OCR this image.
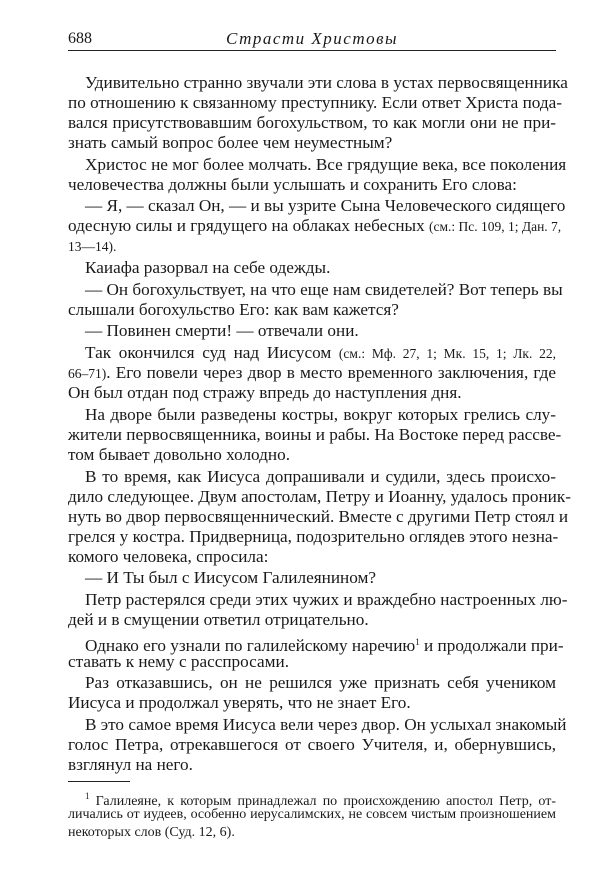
688	Страсти Христовы
Удивительно странно звучали эти слова в устах первосвященника
по отношению к связанному преступнику. Если ответ Христа пода-
вался присутствовавшим богохульством, то как могли они не при-
знать самый вопрос более чем неуместным?
Христос не мог более молчать. Все грядущие века, все поколения
человечества должны были услышать и сохранить Его слова:
— Я, — сказал Он, — и вы узрите Сына Человеческого сидящего
одесную силы и грядущего на облаках небесных (см.: Пс. 109, 1; Дан. 7,
13—14).
Каиафа разорвал на себе одежды.
— Он богохульствует, на что еще нам свидетелей? Вот теперь вы
слышали богохульство Его: как вам кажется?
— Повинен смерти! — отвечали они.
Так окончился суд над Иисусом (см.: Мф. 27, 1; Мк. 15, 1; Лк. 22,
66–71). Его повели через двор в место временного заключения, где
Он был отдан под стражу впредь до наступления дня.
На дворе были разведены костры, вокруг которых грелись слу-
жители первосвященника, воины и рабы. На Востоке перед рассве-
том бывает довольно холодно.
В то время, как Иисуса допрашивали и судили, здесь происхо-
дило следующее. Двум апостолам, Петру и Иоанну, удалось проник-
нуть во двор первосвященнический. Вместе с другими Петр стоял и
грелся у костра. Придверница, подозрительно оглядев этого незна-
комого человека, спросила:
— И Ты был с Иисусом Галилеянином?
Петр растерялся среди этих чужих и враждебно настроенных лю-
дей и в смущении ответил отрицательно.
Однако его узнали по галилейскому наречию$^1$ и продолжали при-
ставать к нему с расспросами.
Раз отказавшись, он не решился уже признать себя учеником
Иисуса и продолжал уверять, что не знает Его.
В это самое время Иисуса вели через двор. Он услыхал знакомый
голос Петра, отрекавшегося от своего Учителя, и, обернувшись,
взглянул на него.
$^1$ Галилеяне, к которым принадлежал по происхождению апостол Петр, от-
личались от иудеев, особенно иерусалимских, не совсем чистым произношением
некоторых слов (Суд. 12, 6).
